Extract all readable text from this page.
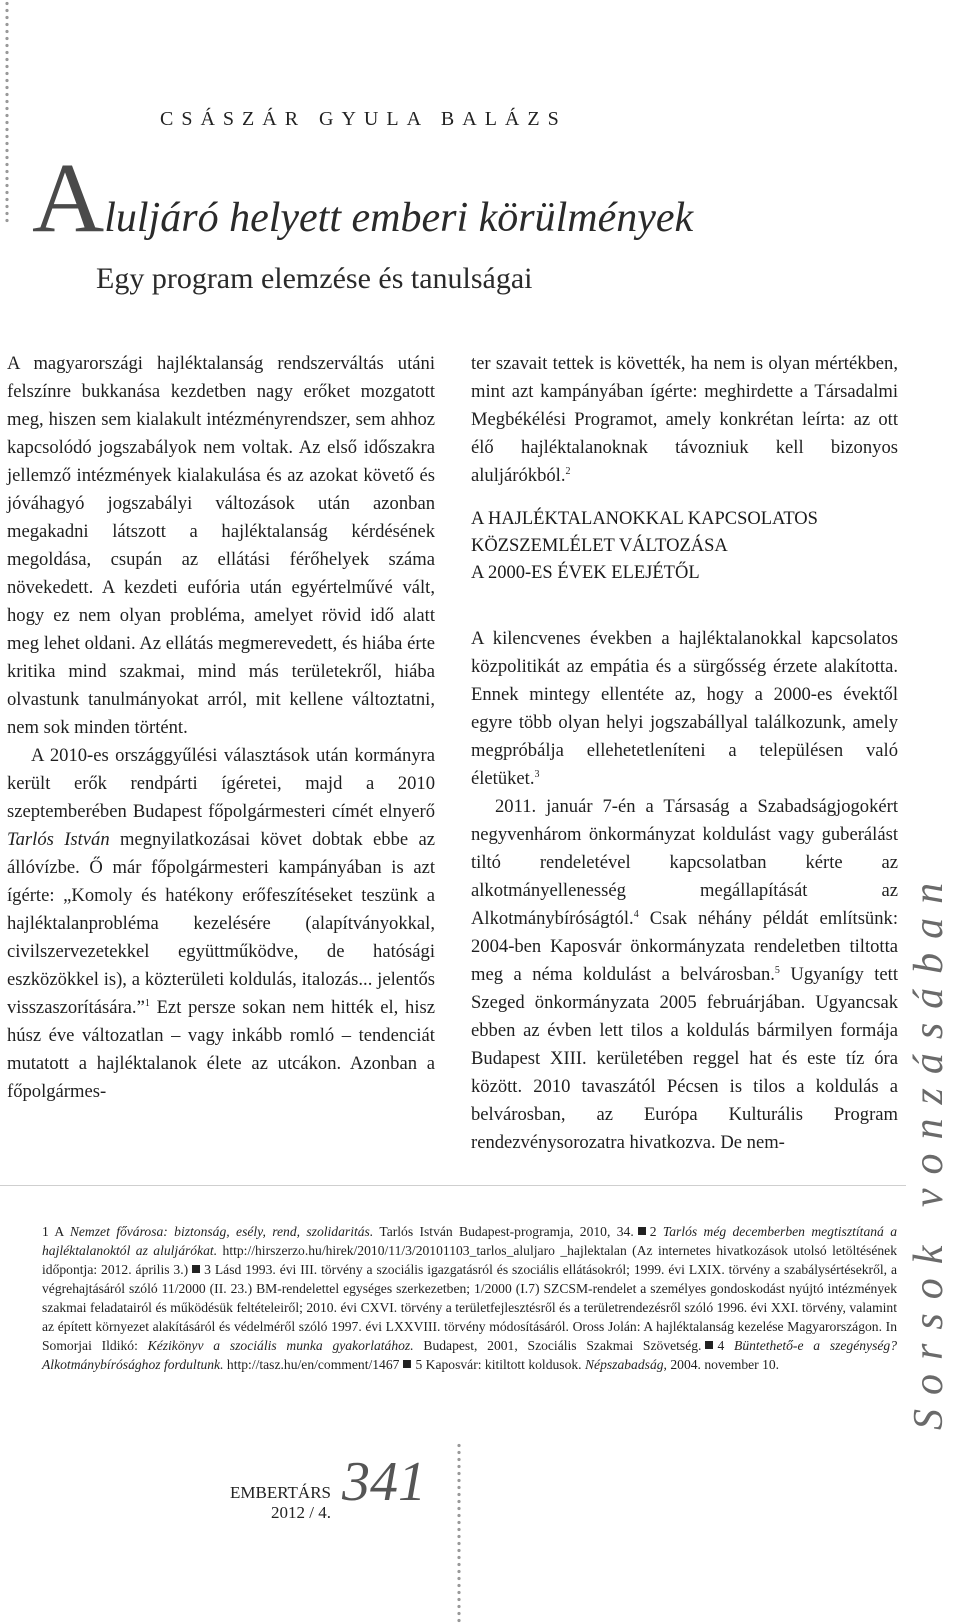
CSÁSZÁR GYULA BALÁZS
Aluljáró helyett emberi körülmények
Egy program elemzése és tanulságai

A magyarországi hajléktalanság rendszerváltás utáni felszínre bukkanása kezdetben nagy erőket mozgatott meg, hiszen sem kialakult intézményrendszer, sem ahhoz kapcsolódó jogszabályok nem voltak. Az első időszakra jellemző intézmények kialakulása és az azokat követő és jóváhagyó jogszabályi változások után azonban megakadni látszott a hajléktalanság kérdésének megoldása, csupán az ellátási férőhelyek száma növekedett. A kezdeti eufória után egyértelművé vált, hogy ez nem olyan probléma, amelyet rövid idő alatt meg lehet oldani. Az ellátás megmerevedett, és hiába érte kritika mind szakmai, mind más területekről, hiába olvastunk tanulmányokat arról, mit kellene változtatni, nem sok minden történt.

A 2010-es országgyűlési választások után kormányra került erők rendpárti ígéretei, majd a 2010 szeptemberében Budapest főpolgármesteri címét elnyerő Tarlós István megnyilatkozásai követ dobtak ebbe az állóvízbe. Ő már főpolgármesteri kampányában is azt ígérte: „Komoly és hatékony erőfeszítéseket teszünk a hajléktalanprobléma kezelésére (alapítványokkal, civilszervezetekkel együttműködve, de hatósági eszközökkel is), a közterületi koldulás, italozás... jelentős visszaszorítására.”$^1$ Ezt persze sokan nem hitték el, hisz húsz éve változatlan – vagy inkább romló – tendenciát mutatott a hajléktalanok élete az utcákon. Azonban a főpolgármes-

ter szavait tettek is követték, ha nem is olyan mértékben, mint azt kampányában ígérte: meghirdette a Társadalmi Megbékélési Programot, amely konkrétan leírta: az ott élő hajléktalanoknak távozniuk kell bizonyos aluljárókból.$^2$

A HAJLÉKTALANOKKAL KAPCSOLATOS
KÖZSZEMLÉLET VÁLTOZÁSA
A 2000-ES ÉVEK ELEJÉTŐL

A kilencvenes években a hajléktalanokkal kapcsolatos közpolitikát az empátia és a sürgősség érzete alakította. Ennek mintegy ellentéte az, hogy a 2000-es évektől egyre több olyan helyi jogszabállyal találkozunk, amely megpróbálja ellehetetleníteni a településen való életüket.$^3$

2011. január 7-én a Társaság a Szabadságjogokért negyvenhárom önkormányzat koldulást vagy guberálást tiltó rendeletével kapcsolatban kérte az alkotmányellenesség megállapítását az Alkotmánybíróságtól.$^4$ Csak néhány példát említsünk: 2004-ben Kaposvár önkormányzata rendeletben tiltotta meg a néma koldulást a belvárosban.$^5$ Ugyanígy tett Szeged önkormányzata 2005 februárjában. Ugyancsak ebben az évben lett tilos a koldulás bármilyen formája Budapest XIII. kerületében reggel hat és este tíz óra között. 2010 tavaszától Pécsen is tilos a koldulás a belvárosban, az Európa Kulturális Program rendezvénysorozatra hivatkozva. De nem-

1 A Nemzet fővárosa: biztonság, esély, rend, szolidaritás. Tarlós István Budapest-programja, 2010, 34. 2 Tarlós még decemberben megtisztítaná a hajléktalanoktól az aluljárókat. http://hirszerzo.hu/hirek/2010/11/3/20101103_tarlos_aluljaro _hajlektalan (Az internetes hivatkozások utolsó letöltésének időpontja: 2012. április 3.) 3 Lásd 1993. évi III. törvény a szociális igazgatásról és szociális ellátásokról; 1999. évi LXIX. törvény a szabálysértésekről, a végrehajtásáról szóló 11/2000 (II. 23.) BM-rendelettel egységes szerkezetben; 1/2000 (I.7) SZCSM-rendelet a személyes gondoskodást nyújtó intézmények szakmai feladatairól és működésük feltételeiről; 2010. évi CXVI. törvény a területfejlesztésről és a területrendezésről szóló 1996. évi XXI. törvény, valamint az épített környezet alakításáról és védelméről szóló 1997. évi LXXVIII. törvény módosításáról. Oross Jolán: A hajléktalanság kezelése Magyarországon. In Somorjai Ildikó: Kézikönyv a szociális munka gyakorlatához. Budapest, 2001, Szociális Szakmai Szövetség. 4 Büntethető-e a szegénység? Alkotmánybírósághoz fordultunk. http://tasz.hu/en/comment/1467 5 Kaposvár: kitiltott koldusok. Népszabadság, 2004. november 10.	Sorsok vonzásában
EMBERTÁRS
2012 / 4. 341
